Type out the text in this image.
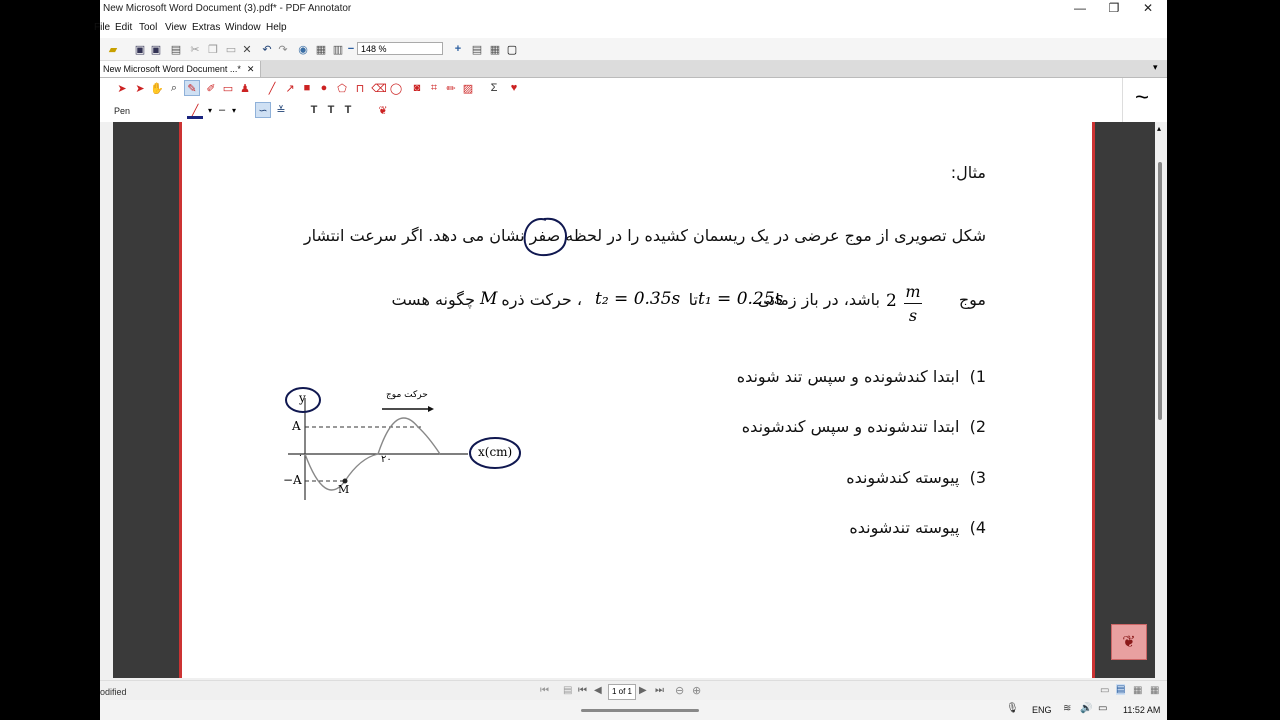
New Microsoft Word Document (3).pdf* - PDF Annotator	—	❐	✕
File Edit Tool View Extras Window Help
▰ ▣ ▣ ▤ ✂ ❐ ▭ ✕ ↶ ↷ ◉ ▦ ▥ − 148 %	+ ▤ ▦ ▢
New Microsoft Word Document ...* ✕	▾
➤ ➤ ✋ ⌕ ✎ ✐ ▭ ♟	╱ ↗ ■ ● ⬠ ⊓ ⌫ ◯	◙ ⌗ ✏ ▨	Σ	♥
Pen	╱	▾ – ▾	∽ ≚	T T T	❦	~
مثال:
شکل تصویری از موج عرضی در یک ریسمان کشیده را در لحظه صفر نشان می دهد. اگر سرعت انتشار
موج
m
s
2
باشد، در باز زمانی
t₁ = 0.25s
تا
t₂ = 0.35s
، حرکت ذره
M
چگونه هست
1)  ابتدا کندشونده و سپس تند شونده
2)  ابتدا تندشونده و سپس کندشونده
3)  پیوسته کندشونده
4)  پیوسته تندشونده
y
x(cm)
A
−A
۰	۲۰
M
حرکت موج
❦
▴
odified	⏮ ▤ ⏮ ◀	1 of 1 ▶ ⏭ ⊖ ⊕	▭ ▤ ▦ ▦
🎙 ENG ≋ 🔊 ▭ 11:52 AM
